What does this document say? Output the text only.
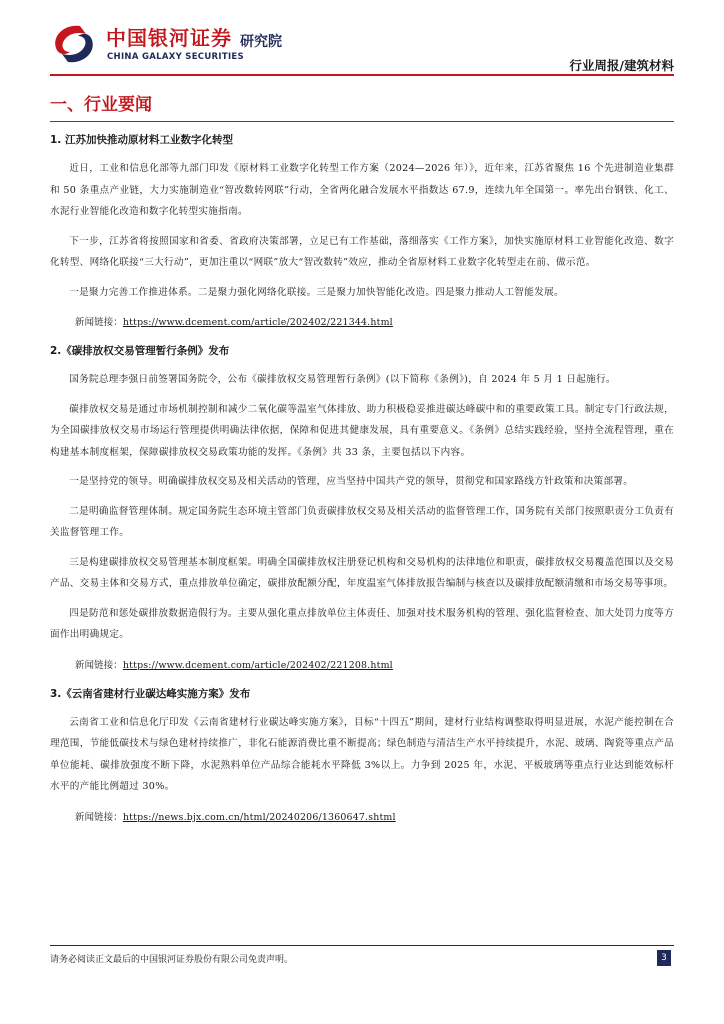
中国银河证券
CHINA GALAXY SECURITIES
研究院
行业周报/建筑材料
一、行业要闻
1. 江苏加快推动原材料工业数字化转型

近日，工业和信息化部等九部门印发《原材料工业数字化转型工作方案（2024—2026 年）》，近年来，江苏省聚焦 16 个先进制造业集群和 50 条重点产业链，大力实施制造业“智改数转网联”行动，全省两化融合发展水平指数达 67.9，连续九年全国第一。率先出台钢铁、化工、水泥行业智能化改造和数字化转型实施指南。

下一步，江苏省将按照国家和省委、省政府决策部署，立足已有工作基础，落细落实《工作方案》，加快实施原材料工业智能化改造、数字化转型、网络化联接“三大行动”，更加注重以“网联”放大“智改数转”效应，推动全省原材料工业数字化转型走在前、做示范。

一是聚力完善工作推进体系。二是聚力强化网络化联接。三是聚力加快智能化改造。四是聚力推动人工智能发展。

新闻链接：https://www.dcement.com/article/202402/221344.html
2.《碳排放权交易管理暂行条例》发布

国务院总理李强日前签署国务院令，公布《碳排放权交易管理暂行条例》(以下简称《条例》)，自 2024 年 5 月 1 日起施行。

碳排放权交易是通过市场机制控制和减少二氧化碳等温室气体排放、助力积极稳妥推进碳达峰碳中和的重要政策工具。制定专门行政法规，为全国碳排放权交易市场运行管理提供明确法律依据，保障和促进其健康发展，具有重要意义。《条例》总结实践经验，坚持全流程管理，重在构建基本制度框架，保障碳排放权交易政策功能的发挥。《条例》共 33 条，主要包括以下内容。

一是坚持党的领导。明确碳排放权交易及相关活动的管理，应当坚持中国共产党的领导，贯彻党和国家路线方针政策和决策部署。

二是明确监督管理体制。规定国务院生态环境主管部门负责碳排放权交易及相关活动的监督管理工作，国务院有关部门按照职责分工负责有关监督管理工作。

三是构建碳排放权交易管理基本制度框架。明确全国碳排放权注册登记机构和交易机构的法律地位和职责，碳排放权交易覆盖范围以及交易产品、交易主体和交易方式，重点排放单位确定，碳排放配额分配，年度温室气体排放报告编制与核查以及碳排放配额清缴和市场交易等事项。

四是防范和惩处碳排放数据造假行为。主要从强化重点排放单位主体责任、加强对技术服务机构的管理、强化监督检查、加大处罚力度等方面作出明确规定。

新闻链接：https://www.dcement.com/article/202402/221208.html
3.《云南省建材行业碳达峰实施方案》发布

云南省工业和信息化厅印发《云南省建材行业碳达峰实施方案》，目标“十四五”期间，建材行业结构调整取得明显进展，水泥产能控制在合理范围，节能低碳技术与绿色建材持续推广，非化石能源消费比重不断提高；绿色制造与清洁生产水平持续提升，水泥、玻璃、陶瓷等重点产品单位能耗、碳排放强度不断下降，水泥熟料单位产品综合能耗水平降低 3%以上。力争到 2025 年，水泥、平板玻璃等重点行业达到能效标杆水平的产能比例超过 30%。

新闻链接：https://news.bjx.com.cn/html/20240206/1360647.shtml
请务必阅读正文最后的中国银河证券股份有限公司免责声明。	3
